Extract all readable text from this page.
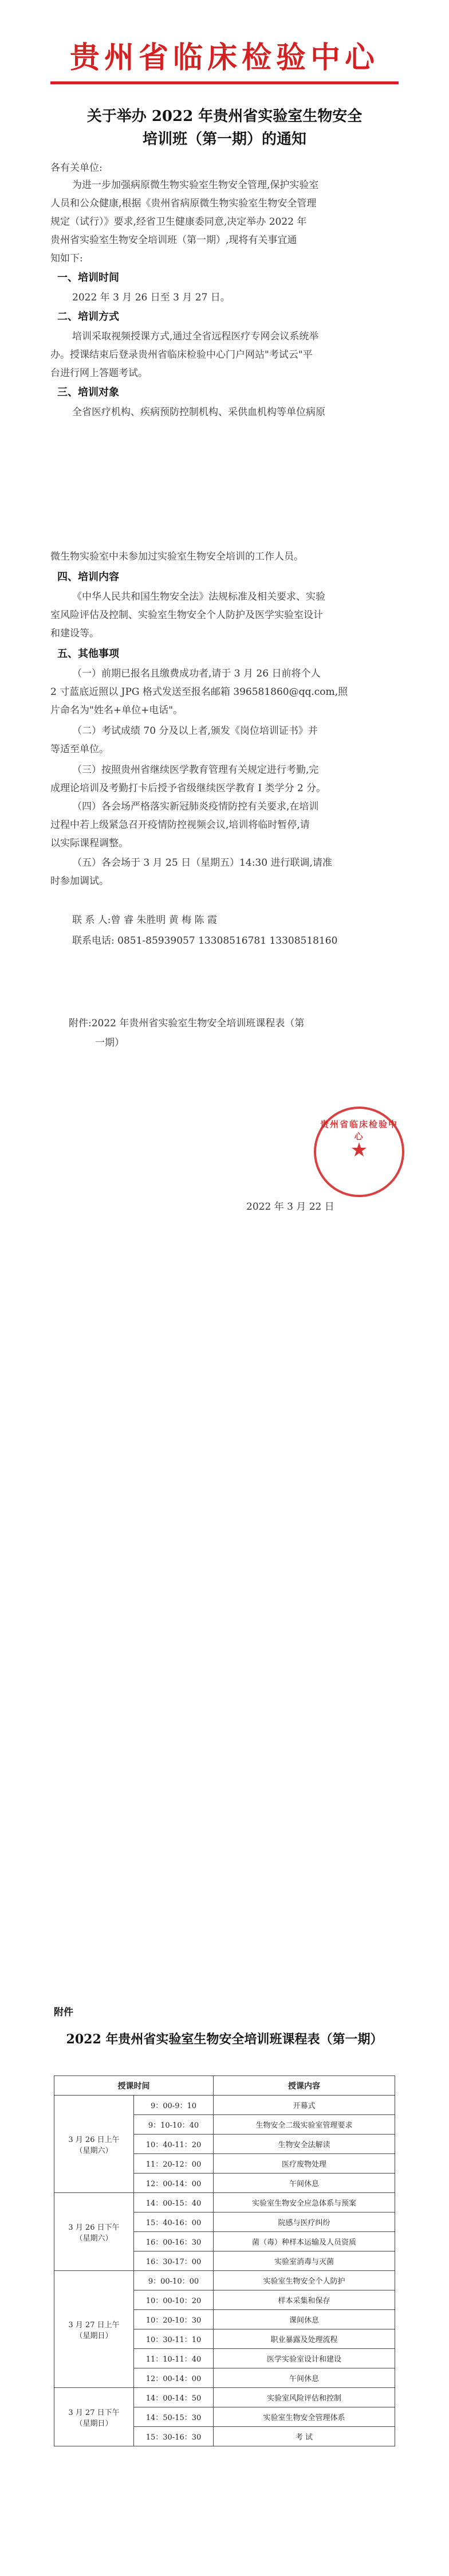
贵州省临床检验中心
关于举办 2022 年贵州省实验室生物安全
培训班（第一期）的通知
各有关单位:
为进一步加强病原微生物实验室生物安全管理,保护实验室
人员和公众健康,根据《贵州省病原微生物实验室生物安全管理
规定（试行）》要求,经省卫生健康委同意,决定举办 2022 年
贵州省实验室生物安全培训班（第一期）,现将有关事宜通
知如下:
一、培训时间
2022 年 3 月 26 日至 3 月 27 日。
二、培训方式
培训采取视频授课方式,通过全省远程医疗专网会议系统举
办。授课结束后登录贵州省临床检验中心门户网站"考试云"平
台进行网上答题考试。
三、培训对象
全省医疗机构、疾病预防控制机构、采供血机构等单位病原
微生物实验室中未参加过实验室生物安全培训的工作人员。
四、培训内容
《中华人民共和国生物安全法》法规标准及相关要求、实验
室风险评估及控制、实验室生物安全个人防护及医学实验室设计
和建设等。
五、其他事项
（一）前期已报名且缴费成功者,请于 3 月 26 日前将个人
2 寸蓝底近照以 JPG 格式发送至报名邮箱 396581860@qq.com,照
片命名为"姓名+单位+电话"。
（二）考试成绩 70 分及以上者,颁发《岗位培训证书》并
等适至单位。
（三）按照贵州省继续医学教育管理有关规定进行考勤,完
成理论培训及考勤打卡后授予省级继续医学教育 I 类学分 2 分。
（四）各会场严格落实新冠肺炎疫情防控有关要求,在培训
过程中若上级紧急召开疫情防控视频会议,培训将临时暂停,请
以实际课程调整。
（五）各会场于 3 月 25 日（星期五）14:30 进行联调,请准
时参加调试。
联 系 人:曾 睿 朱胜明 黄 梅 陈 霞
联系电话: 0851-85939057 13308516781 13308518160
附件:2022 年贵州省实验室生物安全培训班课程表（第
一期）
贵州省临床检验中心
★
2022 年 3 月 22 日
附件
2022 年贵州省实验室生物安全培训班课程表（第一期）
授课时间		授课内容
3 月 26 日上午
（星期六）	9：00-9：10	开幕式
	9：10-10：40	生物安全二级实验室管理要求
	10：40-11：20	生物安全法解读
	11：20-12：00	医疗废物处理
	12：00-14：00	午间休息
3 月 26 日下午
（星期六）	14：00-15：40	实验室生物安全应急体系与预案
	15：40-16：00	院感与医疗纠纷
	16：00-16：30	菌（毒）种样本运输及人员资质
	16：30-17：00	实验室消毒与灭菌
3 月 27 日上午
（星期日）	9：00-10：00	实验室生物安全个人防护
	10：00-10：20	样本采集和保存
	10：20-10：30	课间休息
	10：30-11：10	职业暴露及处理流程
	11：10-11：40	医学实验室设计和建设
	12：00-14：00	午间休息
3 月 27 日下午
（星期日）	14：00-14：50	实验室风险评估和控制
	14：50-15：30	实验室生物安全管理体系
	15：30-16：30	考 试
